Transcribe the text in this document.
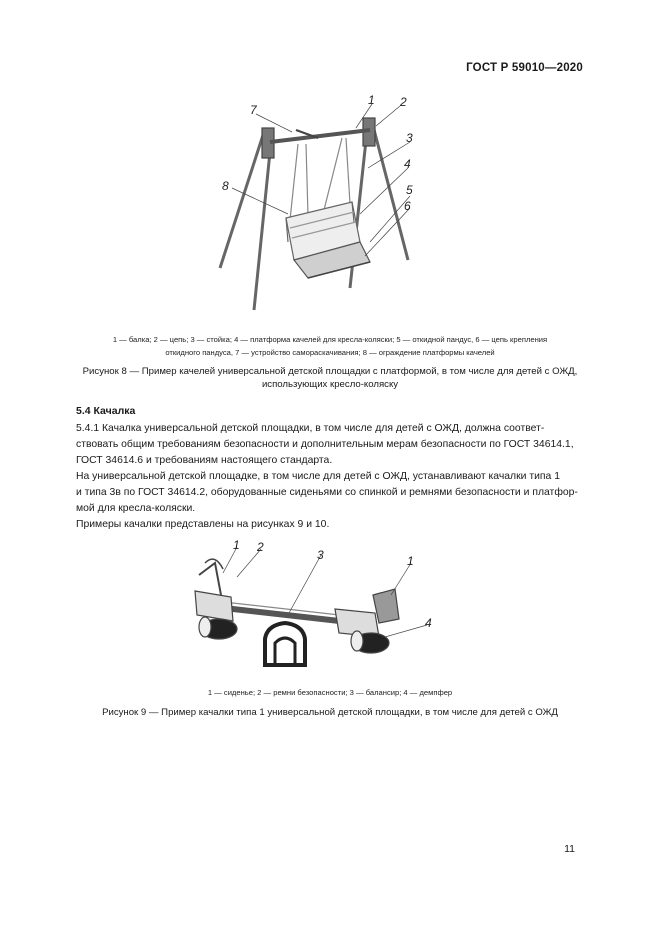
ГОСТ Р 59010—2020
1 2
3
4
5
6
7
8
1 — балка; 2 — цепь; 3 — стойка; 4 — платформа качелей для кресла-коляски; 5 — откидной пандус, 6 — цепь крепления
откидного пандуса, 7 — устройство самораскачивания; 8 — ограждение платформы качелей
Рисунок 8 — Пример качелей универсальной детской площадки с платформой, в том числе для детей с ОЖД,
использующих кресло-коляску
5.4 Качалка

5.4.1 Качалка универсальной детской площадки, в том числе для детей с ОЖД, должна соответ-
ствовать общим требованиям безопасности и дополнительным мерам безопасности по ГОСТ 34614.1,
ГОСТ 34614.6 и требованиям настоящего стандарта.

На универсальной детской площадке, в том числе для детей с ОЖД, устанавливают качалки типа 1
и типа 3в по ГОСТ 34614.2, оборудованные сиденьями со спинкой и ремнями безопасности и платфор-
мой для кресла-коляски.

Примеры качалки представлены на рисунках 9 и 10.

1 2
3	1
4
1 — сиденье; 2 — ремни безопасности; 3 — балансир; 4 — демпфер
Рисунок 9 — Пример качалки типа 1 универсальной детской площадки, в том числе для детей с ОЖД
11
